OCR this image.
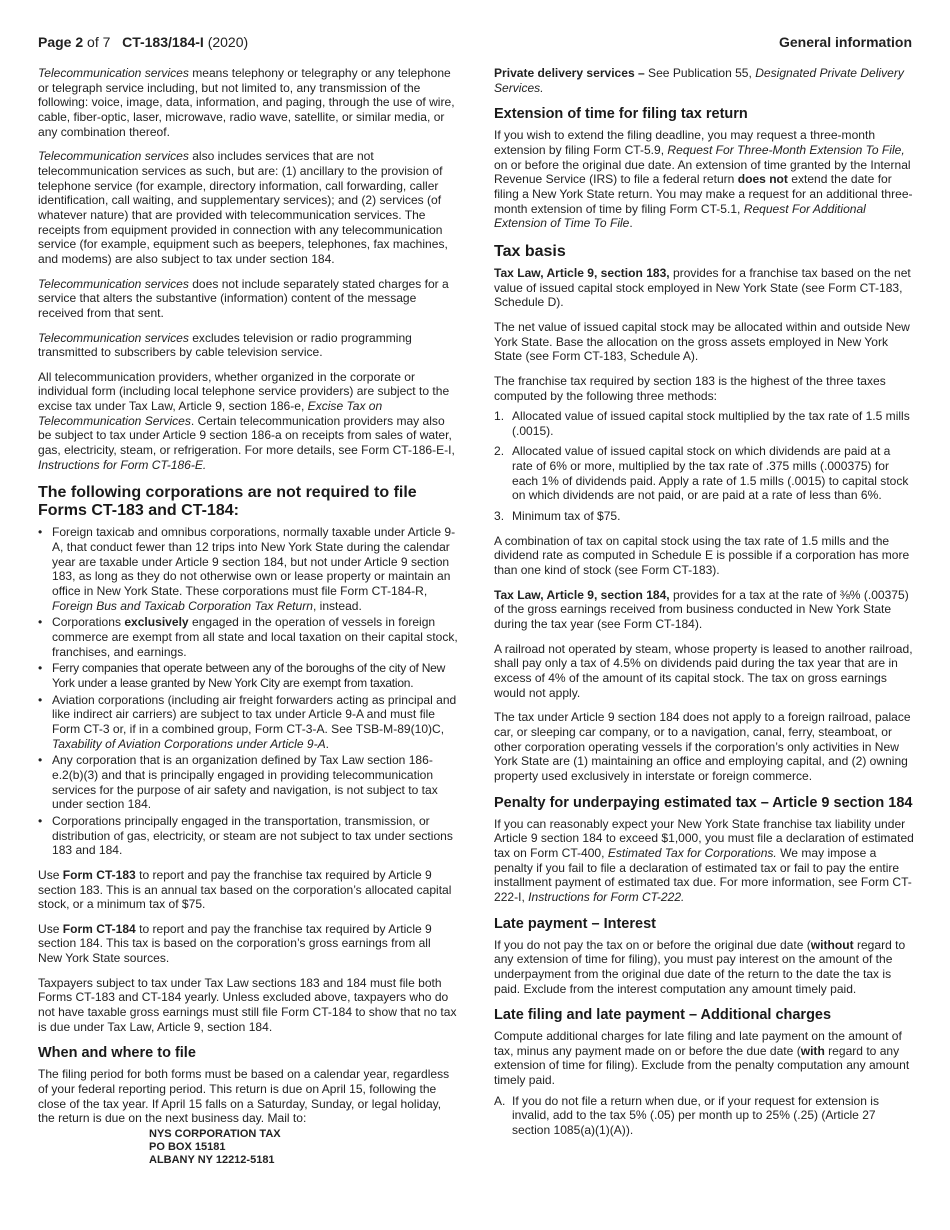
Page 2 of 7 CT-183/184-I (2020)	General information

Telecommunication services means telephony or telegraphy or any telephone or telegraph service including, but not limited to, any transmission of the following: voice, image, data, information, and paging, through the use of wire, cable, fiber-optic, laser, microwave, radio wave, satellite, or similar media, or any combination thereof.

Telecommunication services also includes services that are not telecommunication services as such, but are: (1) ancillary to the provision of telephone service (for example, directory information, call forwarding, caller identification, call waiting, and supplementary services); and (2) services (of whatever nature) that are provided with telecommunication services. The receipts from equipment provided in connection with any telecommunication service (for example, equipment such as beepers, telephones, fax machines, and modems) are also subject to tax under section 184.

Telecommunication services does not include separately stated charges for a service that alters the substantive (information) content of the message received from that sent.

Telecommunication services excludes television or radio programming transmitted to subscribers by cable television service.

All telecommunication providers, whether organized in the corporate or individual form (including local telephone service providers) are subject to the excise tax under Tax Law, Article 9, section 186-e, Excise Tax on Telecommunication Services. Certain telecommunication providers may also be subject to tax under Article 9 section 186-a on receipts from sales of water, gas, electricity, steam, or refrigeration. For more details, see Form CT-186-E-I, Instructions for Form CT-186-E.

The following corporations are not required to file Forms CT-183 and CT-184:
• Foreign taxicab and omnibus corporations, normally taxable under Article 9-A, that conduct fewer than 12 trips into New York State during the calendar year are taxable under Article 9 section 184, but not under Article 9 section 183, as long as they do not otherwise own or lease property or maintain an office in New York State. These corporations must file Form CT-184-R, Foreign Bus and Taxicab Corporation Tax Return, instead.
• Corporations exclusively engaged in the operation of vessels in foreign commerce are exempt from all state and local taxation on their capital stock, franchises, and earnings.
• Ferry companies that operate between any of the boroughs of the city of New York under a lease granted by New York City are exempt from taxation.
• Aviation corporations (including air freight forwarders acting as principal and like indirect air carriers) are subject to tax under Article 9-A and must file Form CT-3 or, if in a combined group, Form CT-3-A. See TSB-M-89(10)C, Taxability of Aviation Corporations under Article 9-A.
• Any corporation that is an organization defined by Tax Law section 186-e.2(b)(3) and that is principally engaged in providing telecommunication services for the purpose of air safety and navigation, is not subject to tax under section 184.
• Corporations principally engaged in the transportation, transmission, or distribution of gas, electricity, or steam are not subject to tax under sections 183 and 184.

Use Form CT-183 to report and pay the franchise tax required by Article 9 section 183. This is an annual tax based on the corporation’s allocated capital stock, or a minimum tax of $75.

Use Form CT-184 to report and pay the franchise tax required by Article 9 section 184. This tax is based on the corporation’s gross earnings from all New York State sources.

Taxpayers subject to tax under Tax Law sections 183 and 184 must file both Forms CT-183 and CT-184 yearly. Unless excluded above, taxpayers who do not have taxable gross earnings must still file Form CT-184 to show that no tax is due under Tax Law, Article 9, section 184.

When and where to file

The filing period for both forms must be based on a calendar year, regardless of your federal reporting period. This return is due on April 15, following the close of the tax year. If April 15 falls on a Saturday, Sunday, or legal holiday, the return is due on the next business day. Mail to:

NYS CORPORATION TAX
PO BOX 15181
ALBANY NY 12212-5181

Private delivery services – See Publication 55, Designated Private Delivery Services.

Extension of time for filing tax return

If you wish to extend the filing deadline, you may request a three-month extension by filing Form CT-5.9, Request For Three-Month Extension To File, on or before the original due date. An extension of time granted by the Internal Revenue Service (IRS) to file a federal return does not extend the date for filing a New York State return. You may make a request for an additional three-month extension of time by filing Form CT-5.1, Request For Additional Extension of Time To File.

Tax basis

Tax Law, Article 9, section 183, provides for a franchise tax based on the net value of issued capital stock employed in New York State (see Form CT-183, Schedule D).

The net value of issued capital stock may be allocated within and outside New York State. Base the allocation on the gross assets employed in New York State (see Form CT-183, Schedule A).

The franchise tax required by section 183 is the highest of the three taxes computed by the following three methods:

1. Allocated value of issued capital stock multiplied by the tax rate of 1.5 mills (.0015).
2. Allocated value of issued capital stock on which dividends are paid at a rate of 6% or more, multiplied by the tax rate of .375 mills (.000375) for each 1% of dividends paid. Apply a rate of 1.5 mills (.0015) to capital stock on which dividends are not paid, or are paid at a rate of less than 6%.
3. Minimum tax of $75.

A combination of tax on capital stock using the tax rate of 1.5 mills and the dividend rate as computed in Schedule E is possible if a corporation has more than one kind of stock (see Form CT-183).

Tax Law, Article 9, section 184, provides for a tax at the rate of ⅜% (.00375) of the gross earnings received from business conducted in New York State during the tax year (see Form CT-184).

A railroad not operated by steam, whose property is leased to another railroad, shall pay only a tax of 4.5% on dividends paid during the tax year that are in excess of 4% of the amount of its capital stock. The tax on gross earnings would not apply.

The tax under Article 9 section 184 does not apply to a foreign railroad, palace car, or sleeping car company, or to a navigation, canal, ferry, steamboat, or other corporation operating vessels if the corporation’s only activities in New York State are (1) maintaining an office and employing capital, and (2) owning property used exclusively in interstate or foreign commerce.

Penalty for underpaying estimated tax – Article 9 section 184

If you can reasonably expect your New York State franchise tax liability under Article 9 section 184 to exceed $1,000, you must file a declaration of estimated tax on Form CT-400, Estimated Tax for Corporations. We may impose a penalty if you fail to file a declaration of estimated tax or fail to pay the entire installment payment of estimated tax due. For more information, see Form CT-222-I, Instructions for Form CT-222.

Late payment – Interest

If you do not pay the tax on or before the original due date (without regard to any extension of time for filing), you must pay interest on the amount of the underpayment from the original due date of the return to the date the tax is paid. Exclude from the interest computation any amount timely paid.

Late filing and late payment – Additional charges

Compute additional charges for late filing and late payment on the amount of tax, minus any payment made on or before the due date (with regard to any extension of time for filing). Exclude from the penalty computation any amount timely paid.

A. If you do not file a return when due, or if your request for extension is invalid, add to the tax 5% (.05) per month up to 25% (.25) (Article 27 section 1085(a)(1)(A)).
